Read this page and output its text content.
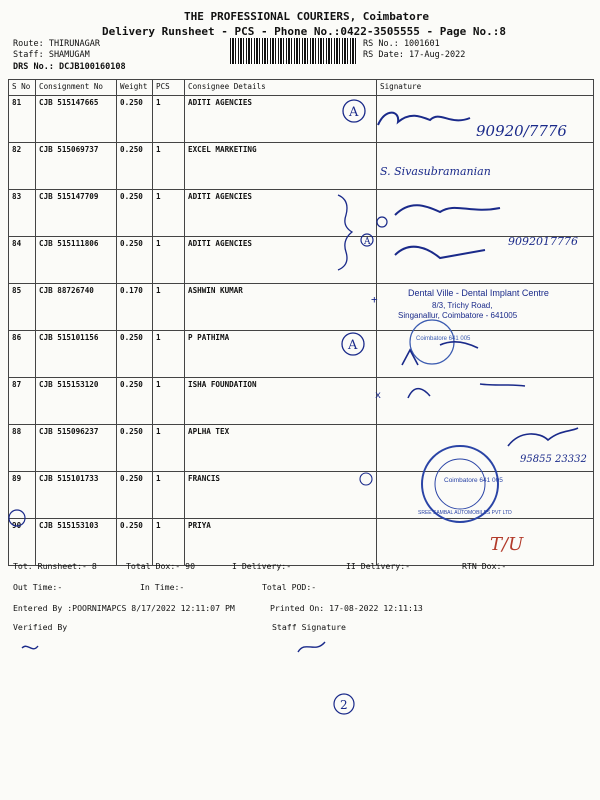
THE PROFESSIONAL COURIERS, Coimbatore
Delivery Runsheet - PCS - Phone No.:0422-3505555 - Page No.:8
Route: THIRUNAGAR
Staff: SHAMUGAM
DRS No.: DCJB100160108
RS No.: 1001601
RS Date: 17-Aug-2022
S No	Consignment No	Weight	PCS	Consignee Details	Signature
81	CJB 515147665	0.250	1	ADITI AGENCIES	
82	CJB 515069737	0.250	1	EXCEL MARKETING	
83	CJB 515147709	0.250	1	ADITI AGENCIES	
84	CJB 515111806	0.250	1	ADITI AGENCIES	
85	CJB 88726740	0.170	1	ASHWIN KUMAR	
86	CJB 515101156	0.250	1	P PATHIMA	
87	CJB 515153120	0.250	1	ISHA FOUNDATION	
88	CJB 515096237	0.250	1	APLHA TEX	
89	CJB 515101733	0.250	1	FRANCIS	
90	CJB 515153103	0.250	1	PRIYA	
A
A
A
90920/7776
S. Sivasubramanian
9092017776
Dental Ville - Dental Implant Centre
8/3, Trichy Road,
Singanallur, Coimbatore - 641005
+
Coimbatore 641 005
x
Coimbatore 641 005
SREE SAMBAL AUTOMOBILES PVT LTD
95855 23332
T/U
2
Tot. Runsheet:- 8	Total Dox:- 90	I Delivery:-	II Delivery:-	RTN Dox:-
Out Time:-	In Time:-	Total POD:-
Entered By :POORNIMAPCS 8/17/2022 12:11:07 PM	Printed On: 17-08-2022 12:11:13
Verified By	Staff Signature
